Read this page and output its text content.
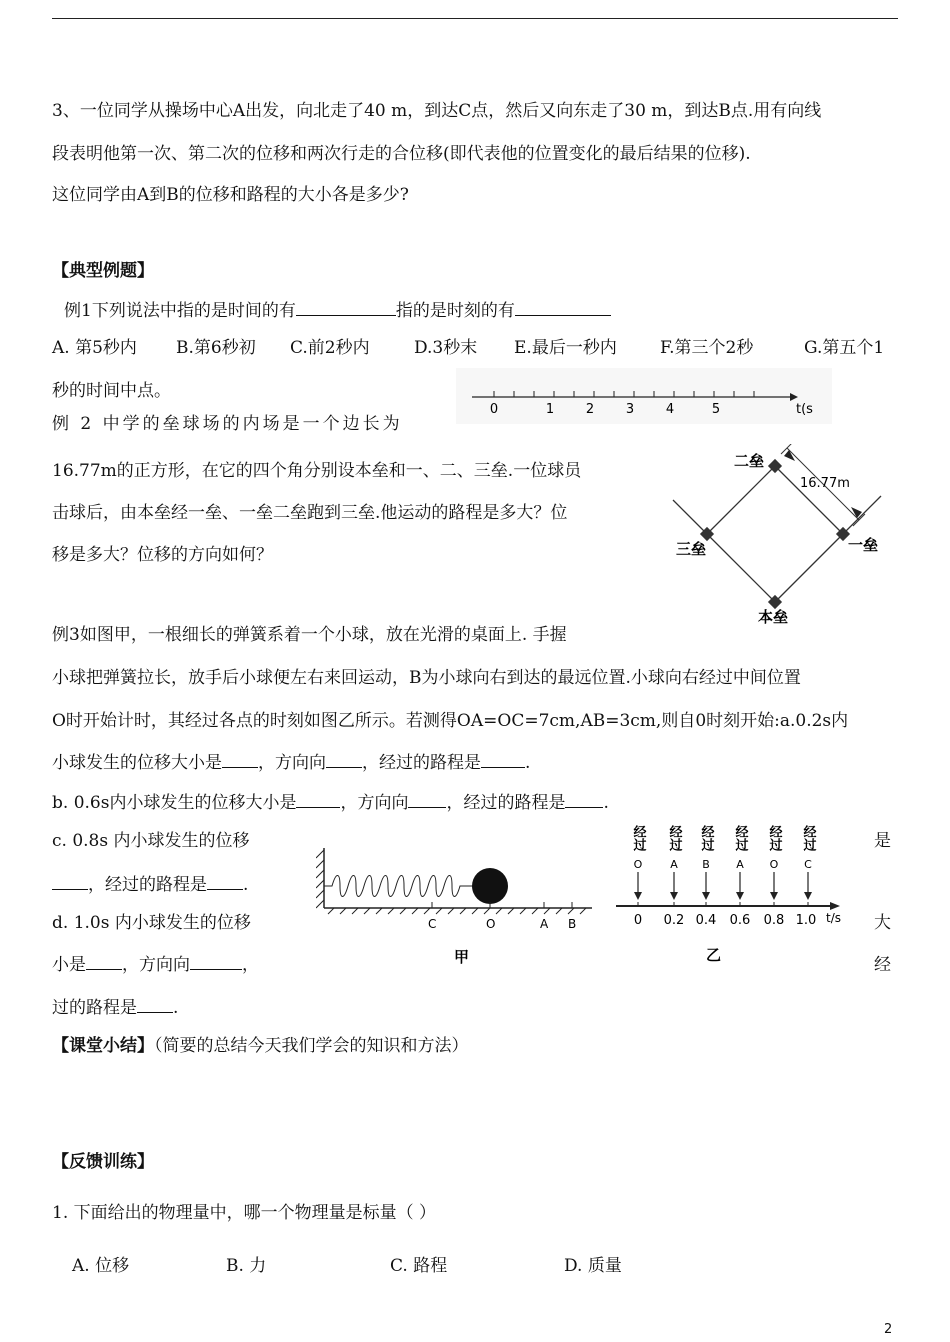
3、一位同学从操场中心A出发，向北走了40 m，到达C点，然后又向东走了30 m，到达B点.用有向线
段表明他第一次、第二次的位移和两次行走的合位移(即代表他的位置变化的最后结果的位移).
这位同学由A到B的位移和路程的大小各是多少?
【典型例题】
例1下列说法中指的是时间的有	指的是时刻的有
A. 第5秒内 B.第6秒初 C.前2秒内	D.3秒末 E.最后一秒内	F.第三个2秒	G.第五个1
秒的时间中点。
0	1 2 3 4	5	t(s
例 2 中学的垒球场的内场是一个边长为
16.77m的正方形，在它的四个角分别设本垒和一、二、三垒.一位球员
击球后，由本垒经一垒、一垒二垒跑到三垒.他运动的路程是多大？位
移是多大？位移的方向如何？
二垒
一垒
三垒
本垒
16.77m
例3如图甲，一根细长的弹簧系着一个小球，放在光滑的桌面上. 手握
小球把弹簧拉长，放手后小球便左右来回运动，B为小球向右到达的最远位置.小球向右经过中间位置
O时开始计时，其经过各点的时刻如图乙所示。若测得OA=OC=7cm,AB=3cm,则自0时刻开始:a.0.2s内
小球发生的位移大小是 ，方向向 ，经过的路程是	.
b. 0.6s内小球发生的位移大小是	，方向向 ，经过的路程是 .
c. 0.8s 内小球发生的位移	是
，经过的路程是 .
d. 1.0s 内小球发生的位移	大
小是 ，方向向	，	经
过的路程是 .
C	O	A B
甲
经过 经过 经过 经过 经过 经过
O	A B A O C
0 0.2 0.4 0.6 0.8 1.0 t/s
乙
【课堂小结】（简要的总结今天我们学会的知识和方法）
【反馈训练】
1. 下面给出的物理量中，哪一个物理量是标量（ ）
A. 位移	B. 力	C. 路程	D. 质量
2
